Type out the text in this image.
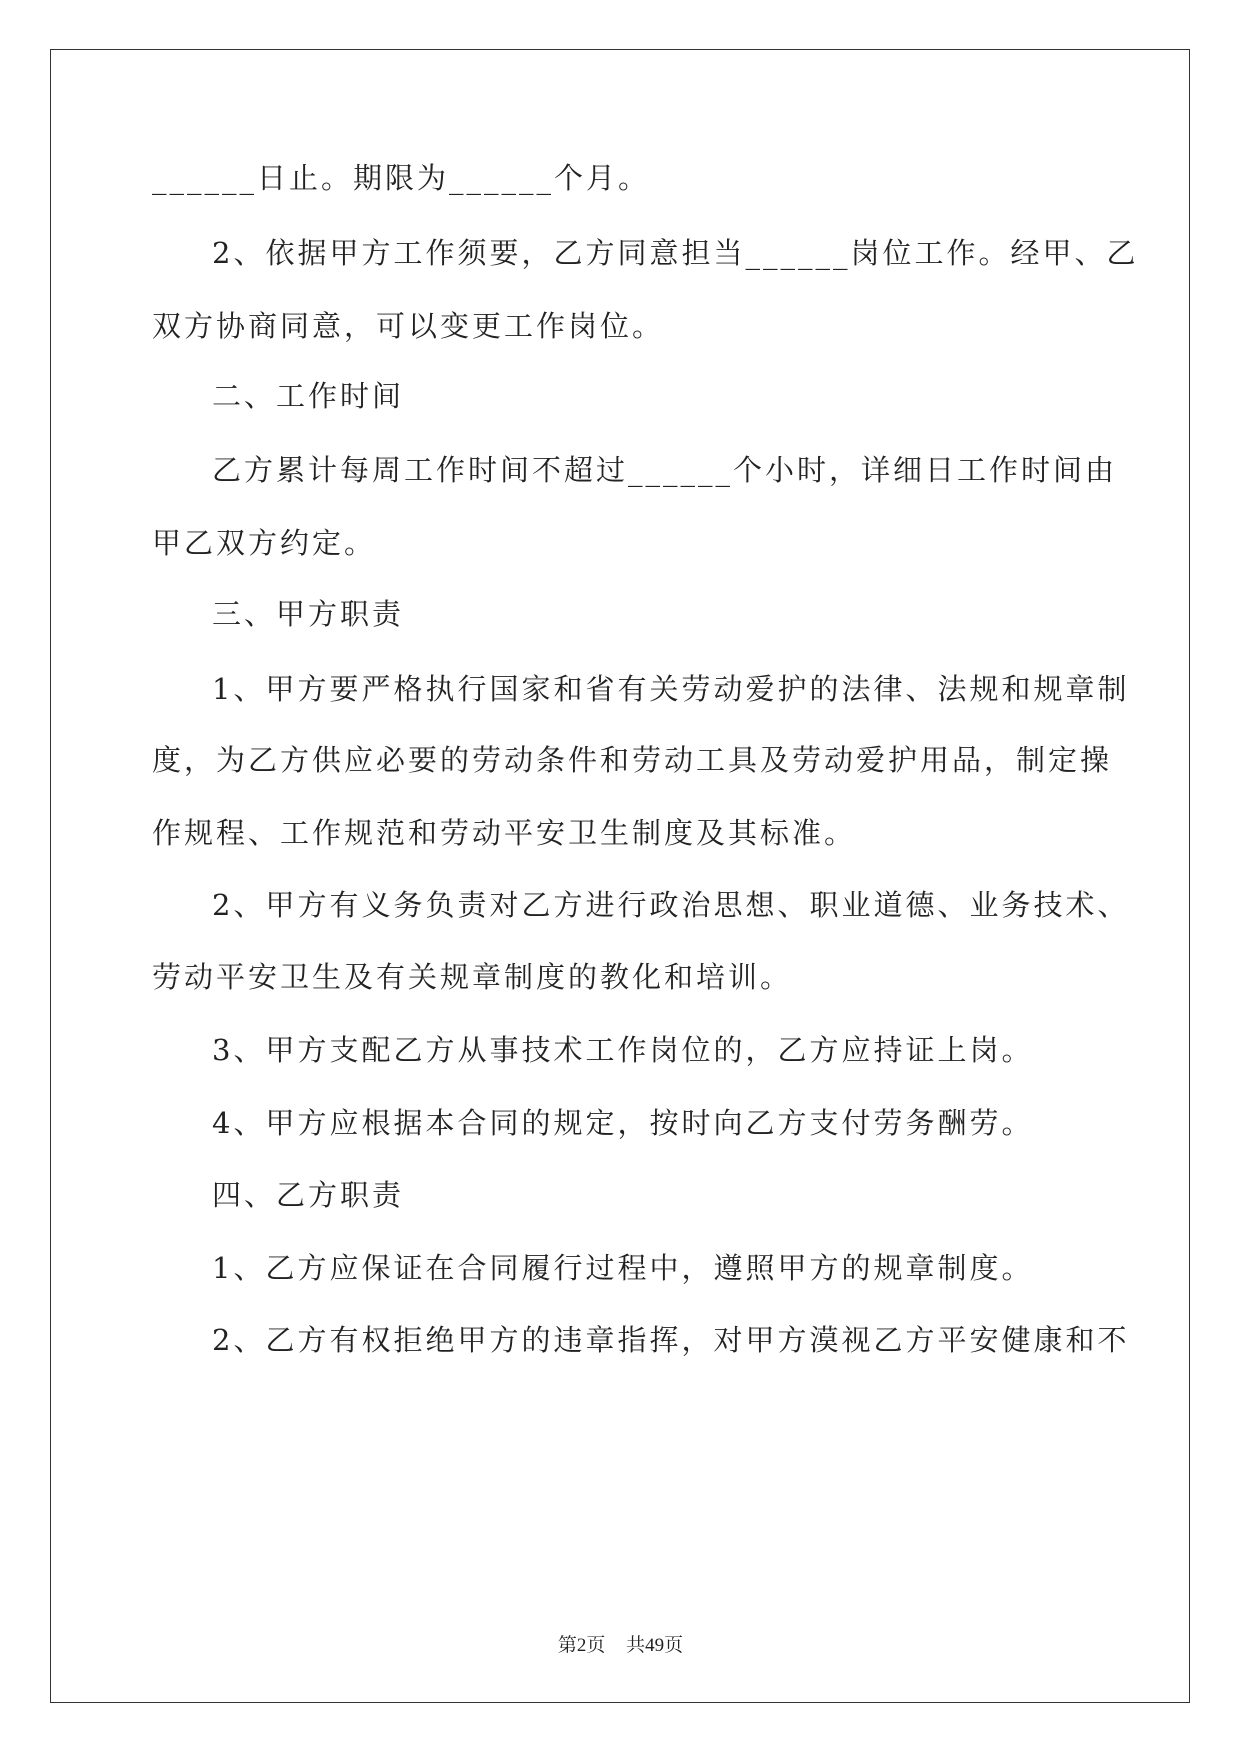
______日止。期限为______个月。
2、依据甲方工作须要，乙方同意担当______岗位工作。经甲、乙
双方协商同意，可以变更工作岗位。
二、工作时间
乙方累计每周工作时间不超过______个小时，详细日工作时间由
甲乙双方约定。
三、甲方职责
1、甲方要严格执行国家和省有关劳动爱护的法律、法规和规章制
度，为乙方供应必要的劳动条件和劳动工具及劳动爱护用品，制定操
作规程、工作规范和劳动平安卫生制度及其标准。
2、甲方有义务负责对乙方进行政治思想、职业道德、业务技术、
劳动平安卫生及有关规章制度的教化和培训。
3、甲方支配乙方从事技术工作岗位的，乙方应持证上岗。
4、甲方应根据本合同的规定，按时向乙方支付劳务酬劳。
四、乙方职责
1、乙方应保证在合同履行过程中，遵照甲方的规章制度。
2、乙方有权拒绝甲方的违章指挥，对甲方漠视乙方平安健康和不
第2页 共49页
